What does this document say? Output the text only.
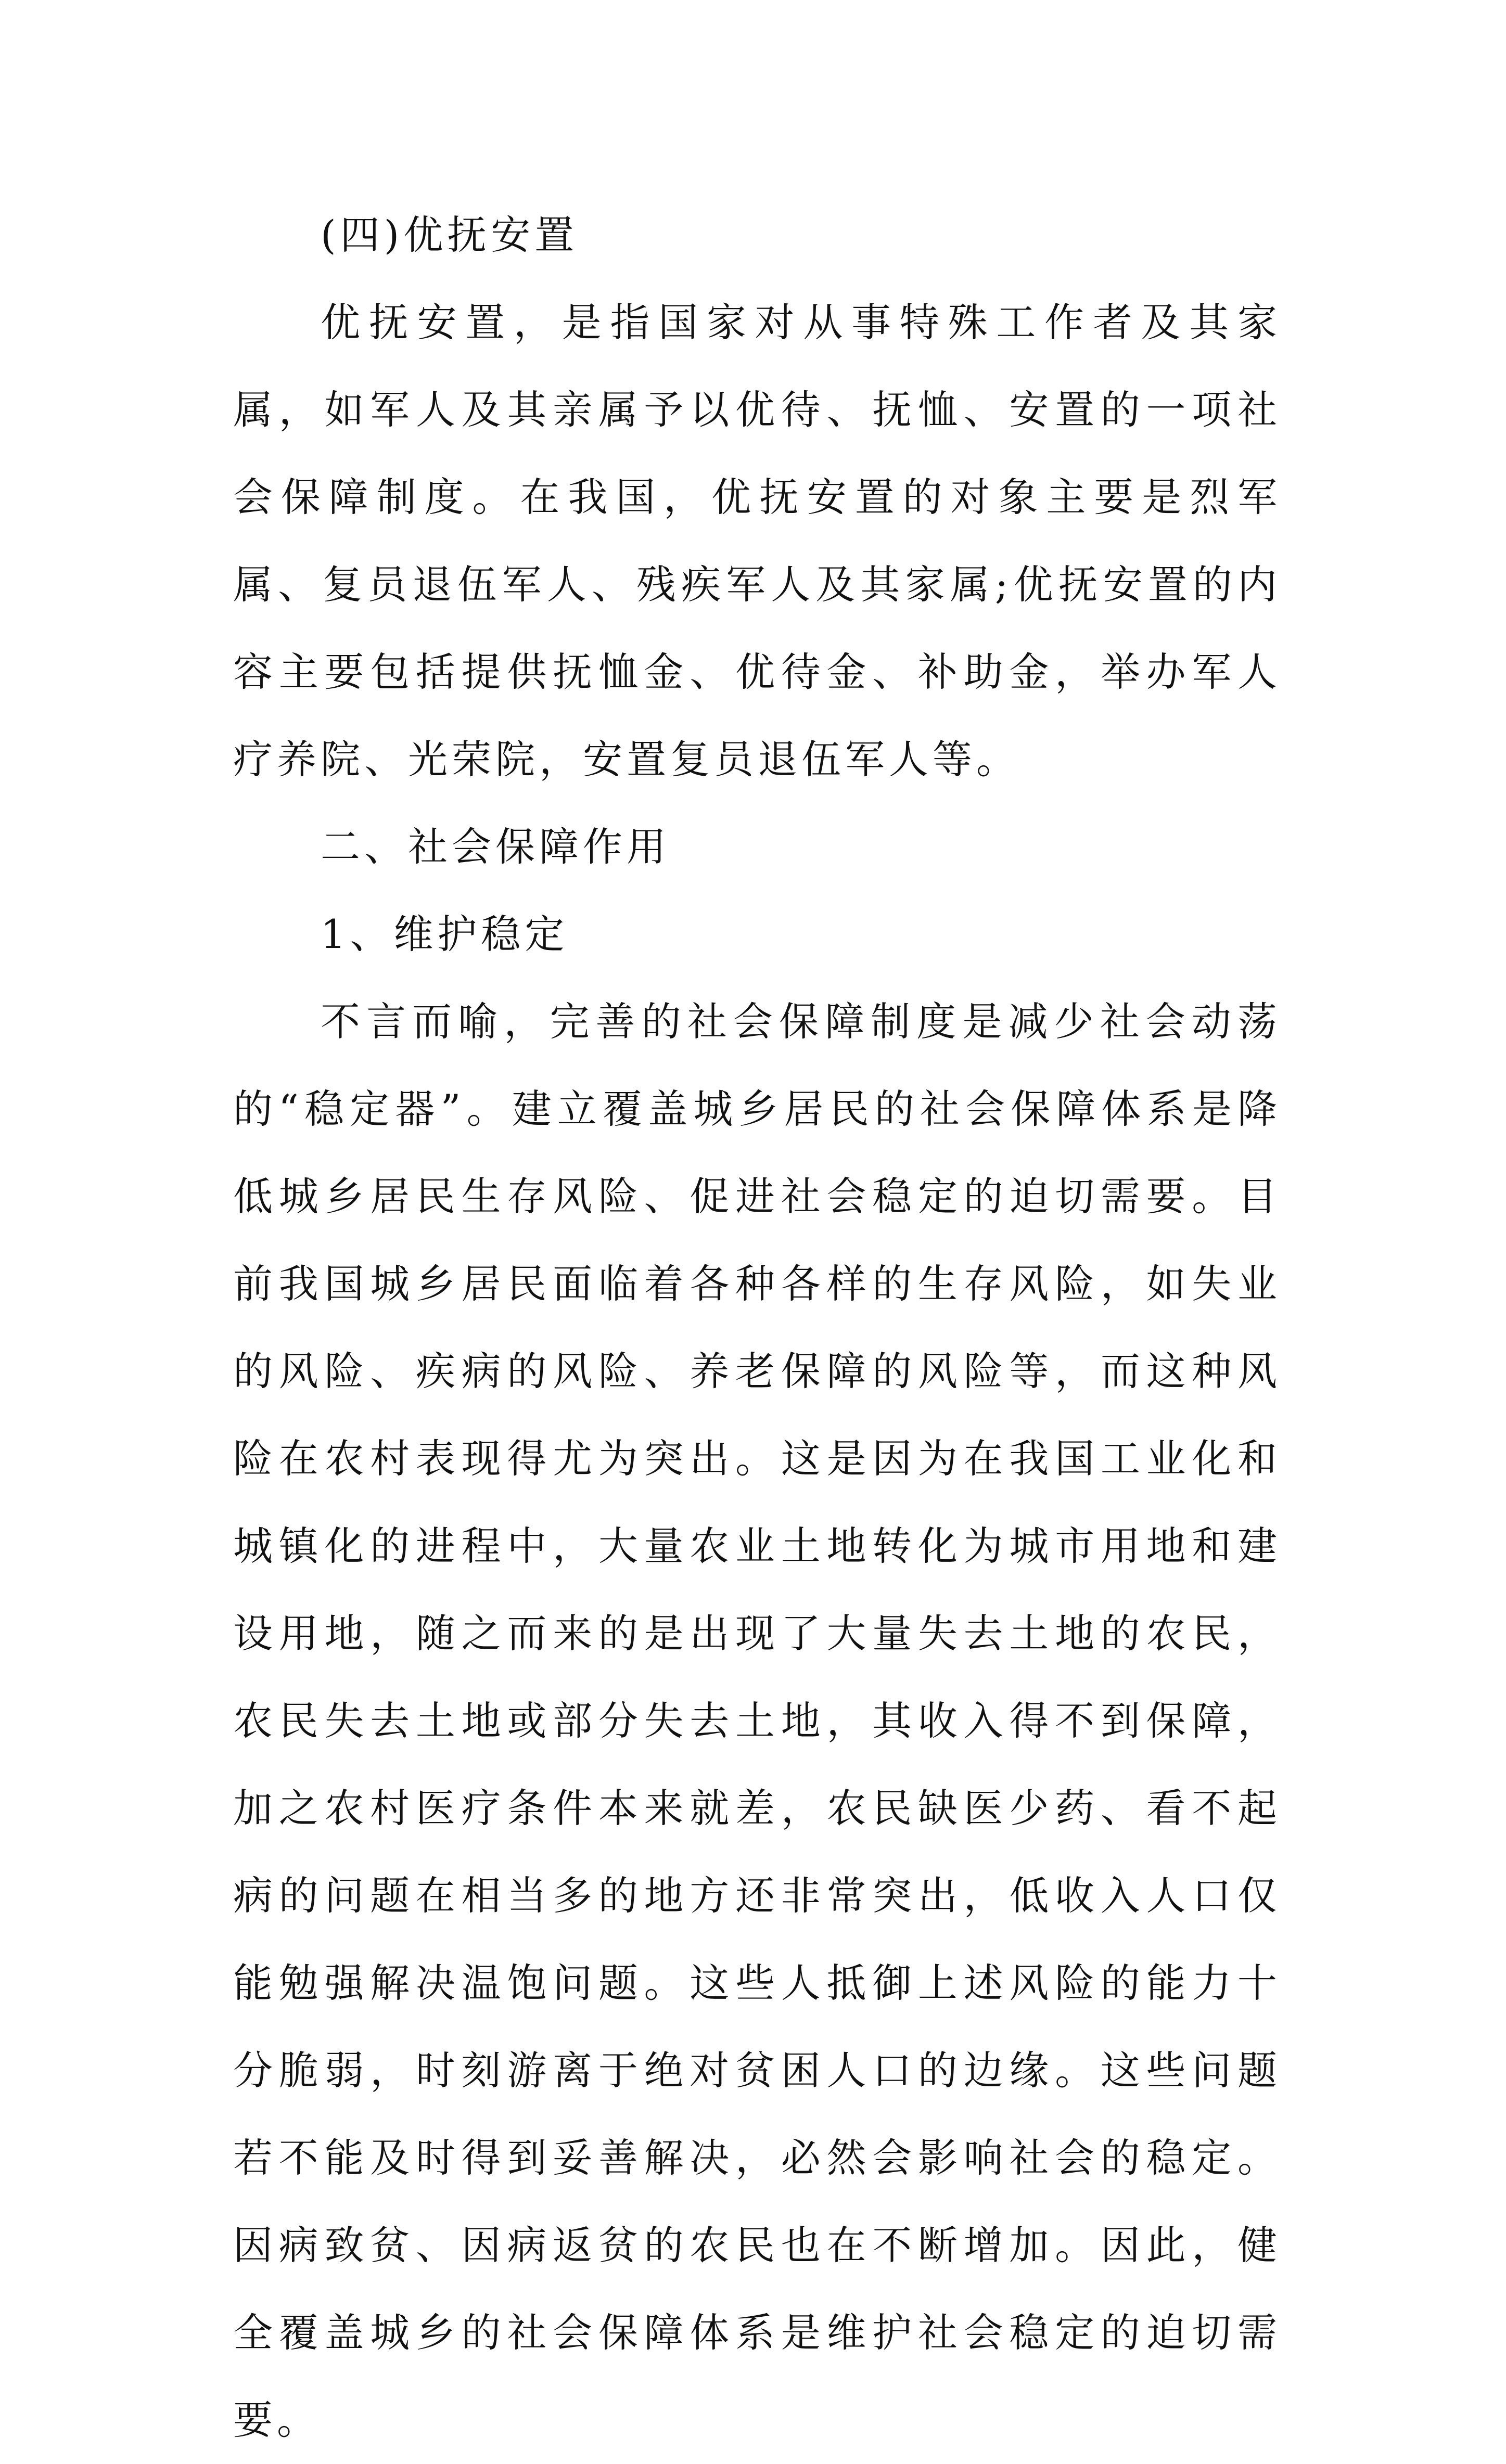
(四)优抚安置

优抚安置，是指国家对从事特殊工作者及其家属，如军人及其亲属予以优待、抚恤、安置的一项社会保障制度。在我国，优抚安置的对象主要是烈军属、复员退伍军人、残疾军人及其家属;优抚安置的内容主要包括提供抚恤金、优待金、补助金，举办军人疗养院、光荣院，安置复员退伍军人等。

二、社会保障作用

1、维护稳定

不言而喻，完善的社会保障制度是减少社会动荡的“稳定器”。建立覆盖城乡居民的社会保障体系是降低城乡居民生存风险、促进社会稳定的迫切需要。目前我国城乡居民面临着各种各样的生存风险，如失业的风险、疾病的风险、养老保障的风险等，而这种风险在农村表现得尤为突出。这是因为在我国工业化和城镇化的进程中，大量农业土地转化为城市用地和建设用地，随之而来的是出现了大量失去土地的农民，农民失去土地或部分失去土地，其收入得不到保障，加之农村医疗条件本来就差，农民缺医少药、看不起病的问题在相当多的地方还非常突出，低收入人口仅能勉强解决温饱问题。这些人抵御上述风险的能力十分脆弱，时刻游离于绝对贫困人口的边缘。这些问题若不能及时得到妥善解决，必然会影响社会的稳定。因病致贫、因病返贫的农民也在不断增加。因此，健全覆盖城乡的社会保障体系是维护社会稳定的迫切需要。
